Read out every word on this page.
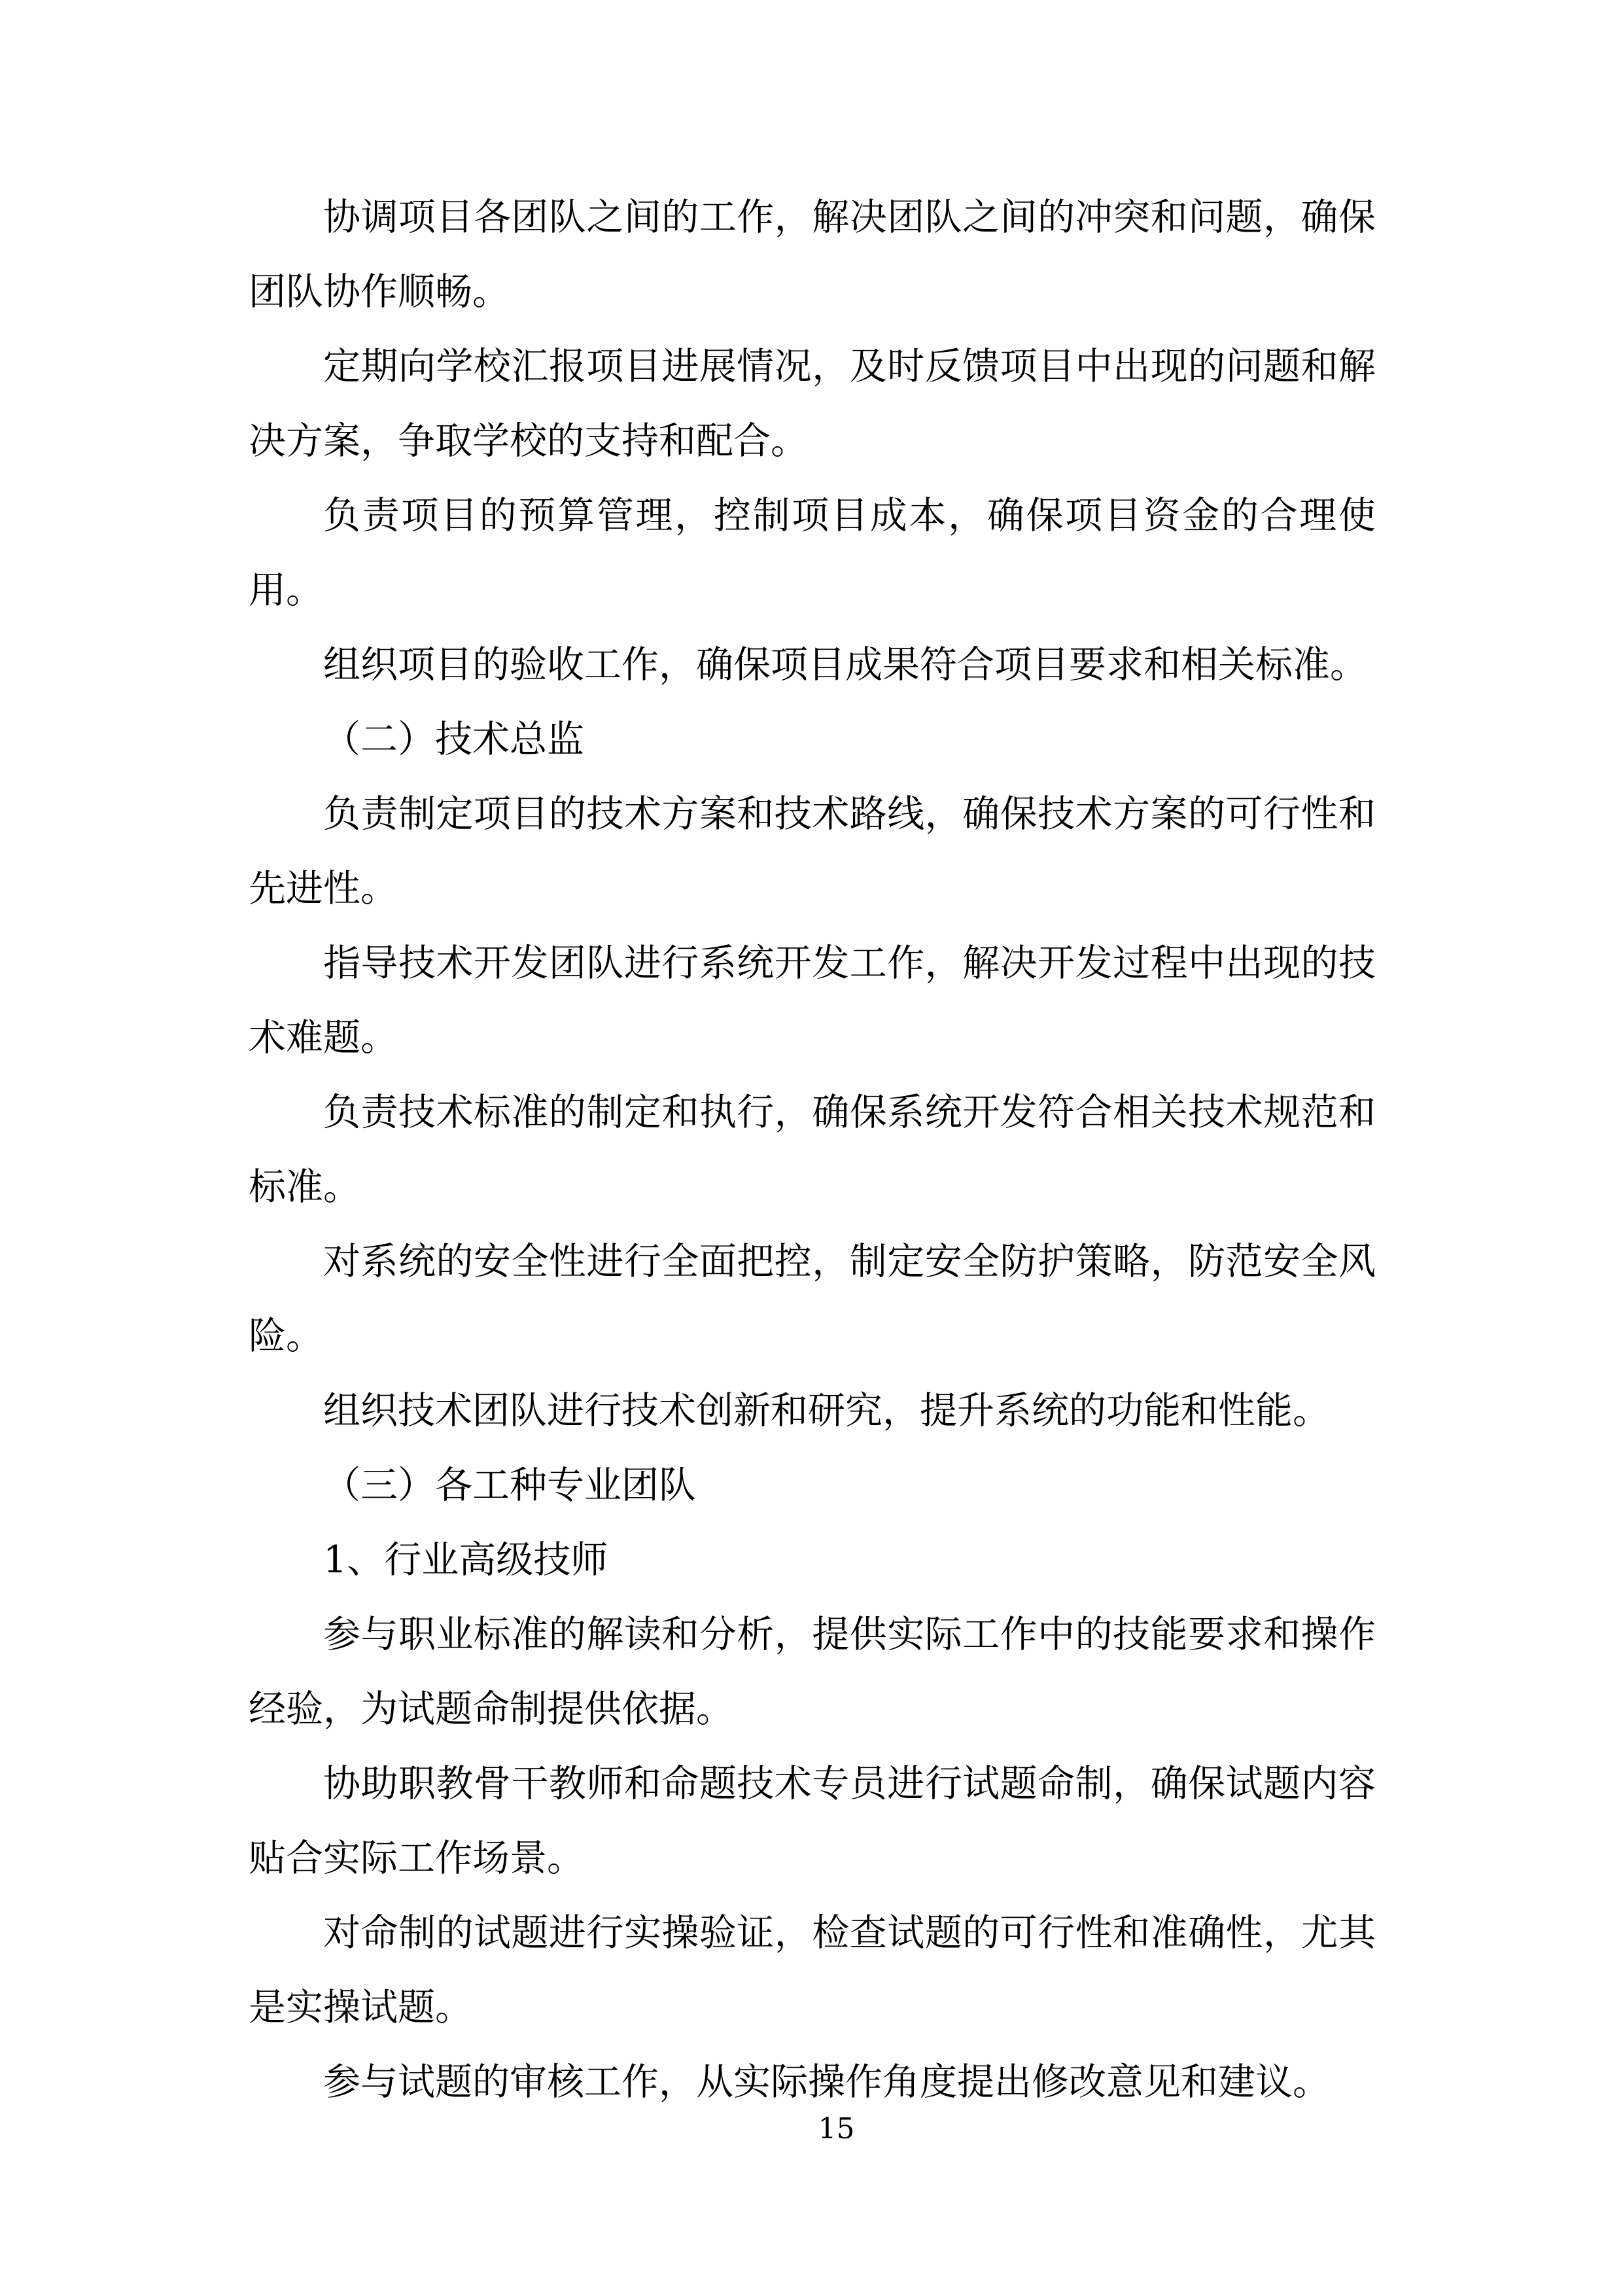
协调项目各团队之间的工作，解决团队之间的冲突和问题，确保团队协作顺畅。

定期向学校汇报项目进展情况，及时反馈项目中出现的问题和解决方案，争取学校的支持和配合。

负责项目的预算管理，控制项目成本，确保项目资金的合理使用。

组织项目的验收工作，确保项目成果符合项目要求和相关标准。

（二）技术总监

负责制定项目的技术方案和技术路线，确保技术方案的可行性和先进性。

指导技术开发团队进行系统开发工作，解决开发过程中出现的技术难题。

负责技术标准的制定和执行，确保系统开发符合相关技术规范和标准。

对系统的安全性进行全面把控，制定安全防护策略，防范安全风险。

组织技术团队进行技术创新和研究，提升系统的功能和性能。

（三）各工种专业团队

1、行业高级技师

参与职业标准的解读和分析，提供实际工作中的技能要求和操作经验，为试题命制提供依据。

协助职教骨干教师和命题技术专员进行试题命制，确保试题内容贴合实际工作场景。

对命制的试题进行实操验证，检查试题的可行性和准确性，尤其是实操试题。

参与试题的审核工作，从实际操作角度提出修改意见和建议。

15
